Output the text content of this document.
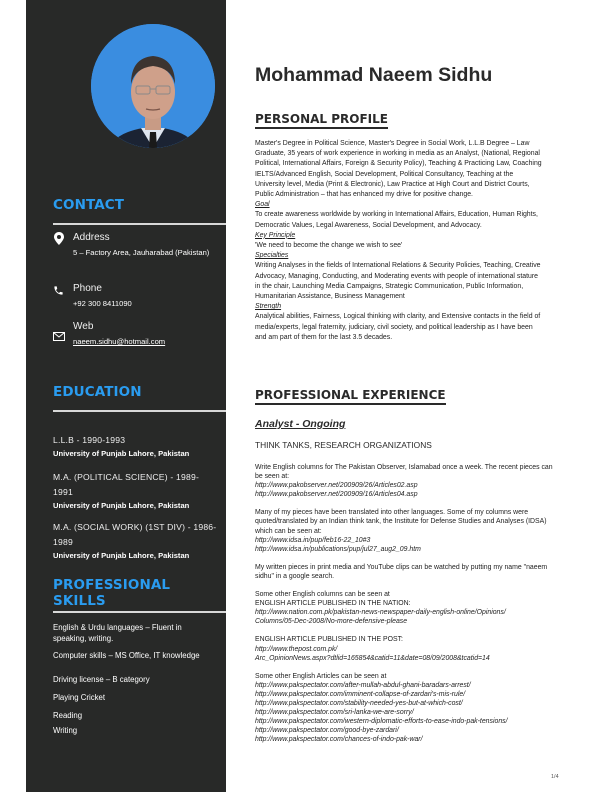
CONTACT
Address
5 – Factory Area, Jauharabad (Pakistan)
Phone
+92 300 8411090
Web
naeem.sidhu@hotmail.com
EDUCATION
L.L.B - 1990-1993
University of Punjab Lahore, Pakistan
M.A. (POLITICAL SCIENCE) - 1989-1991
University of Punjab Lahore, Pakistan
M.A. (SOCIAL WORK) (1ST DIV) - 1986-1989
University of Punjab Lahore, Pakistan
PROFESSIONAL SKILLS
English & Urdu languages – Fluent in speaking, writing.
Computer skills – MS Office, IT knowledge
Driving license – B category
Playing Cricket
Reading
Writing
Mohammad Naeem Sidhu
PERSONAL PROFILE
Master's Degree in Political Science, Master's Degree in Social Work, L.L.B Degree – Law Graduate, 35 years of work experience in working in media as an Analyst, (National, Regional Political, International Affairs, Foreign & Security Policy), Teaching & Practicing Law, Coaching IELTS/Advanced English, Social Development, Political Consultancy, Teaching at the University level, Media (Print & Electronic), Law Practice at High Court and District Courts, Public Administration – that has enhanced my drive for positive change.
Goal
To create awareness worldwide by working in International Affairs, Education, Human Rights, Democratic Values, Legal Awareness, Social Development, and Advocacy.
Key Principle
'We need to become the change we wish to see'
Specialties
Writing Analyses in the fields of International Relations & Security Policies, Teaching, Creative Advocacy, Managing, Conducting, and Moderating events with people of international stature in the chair, Launching Media Campaigns, Strategic Communication, Public Information, Humanitarian Assistance, Business Management
Strength
Analytical abilities, Fairness, Logical thinking with clarity, and Extensive contacts in the field of media/experts, legal fraternity, judiciary, civil society, and political leadership as I have been and am part of them for the last 3.5 decades.
PROFESSIONAL EXPERIENCE
Analyst - Ongoing
THINK TANKS, RESEARCH ORGANIZATIONS
Write English columns for The Pakistan Observer, Islamabad once a week. The recent pieces can be seen at:
http://www.pakobserver.net/200909/26/Articles02.asp
http://www.pakobserver.net/200909/16/Articles04.asp
Many of my pieces have been translated into other languages. Some of my columns were quoted/translated by an Indian think tank, the Institute for Defense Studies and Analyses (IDSA) which can be seen at:
http://www.idsa.in/pup/feb16-22_10#3
http://www.idsa.in/publications/pup/jul27_aug2_09.htm
My written pieces in print media and YouTube clips can be watched by putting my name "naeem sidhu" in a google search.
Some other English columns can be seen at
ENGLISH ARTICLE PUBLISHED IN THE NATION:
http://www.nation.com.pk/pakistan-news-newspaper-daily-english-online/Opinions/
Columns/05-Dec-2008/No-more-defensive-please
ENGLISH ARTICLE PUBLISHED IN THE POST:
http://www.thepost.com.pk/
Arc_OpinionNews.aspx?dtlid=165854&catid=11&date=08/09/2008&tcatid=14
Some other English Articles can be seen at
http://www.pakspectator.com/after-mullah-abdul-ghani-baradars-arrest/
http://www.pakspectator.com/imminent-collapse-of-zardari's-mis-rule/
http://www.pakspectator.com/stability-needed-yes-but-at-which-cost/
http://www.pakspectator.com/sri-lanka-we-are-sorry/
http://www.pakspectator.com/western-diplomatic-efforts-to-ease-indo-pak-tensions/
http://www.pakspectator.com/good-bye-zardari/
http://www.pakspectator.com/chances-of-indo-pak-war/
1/4
